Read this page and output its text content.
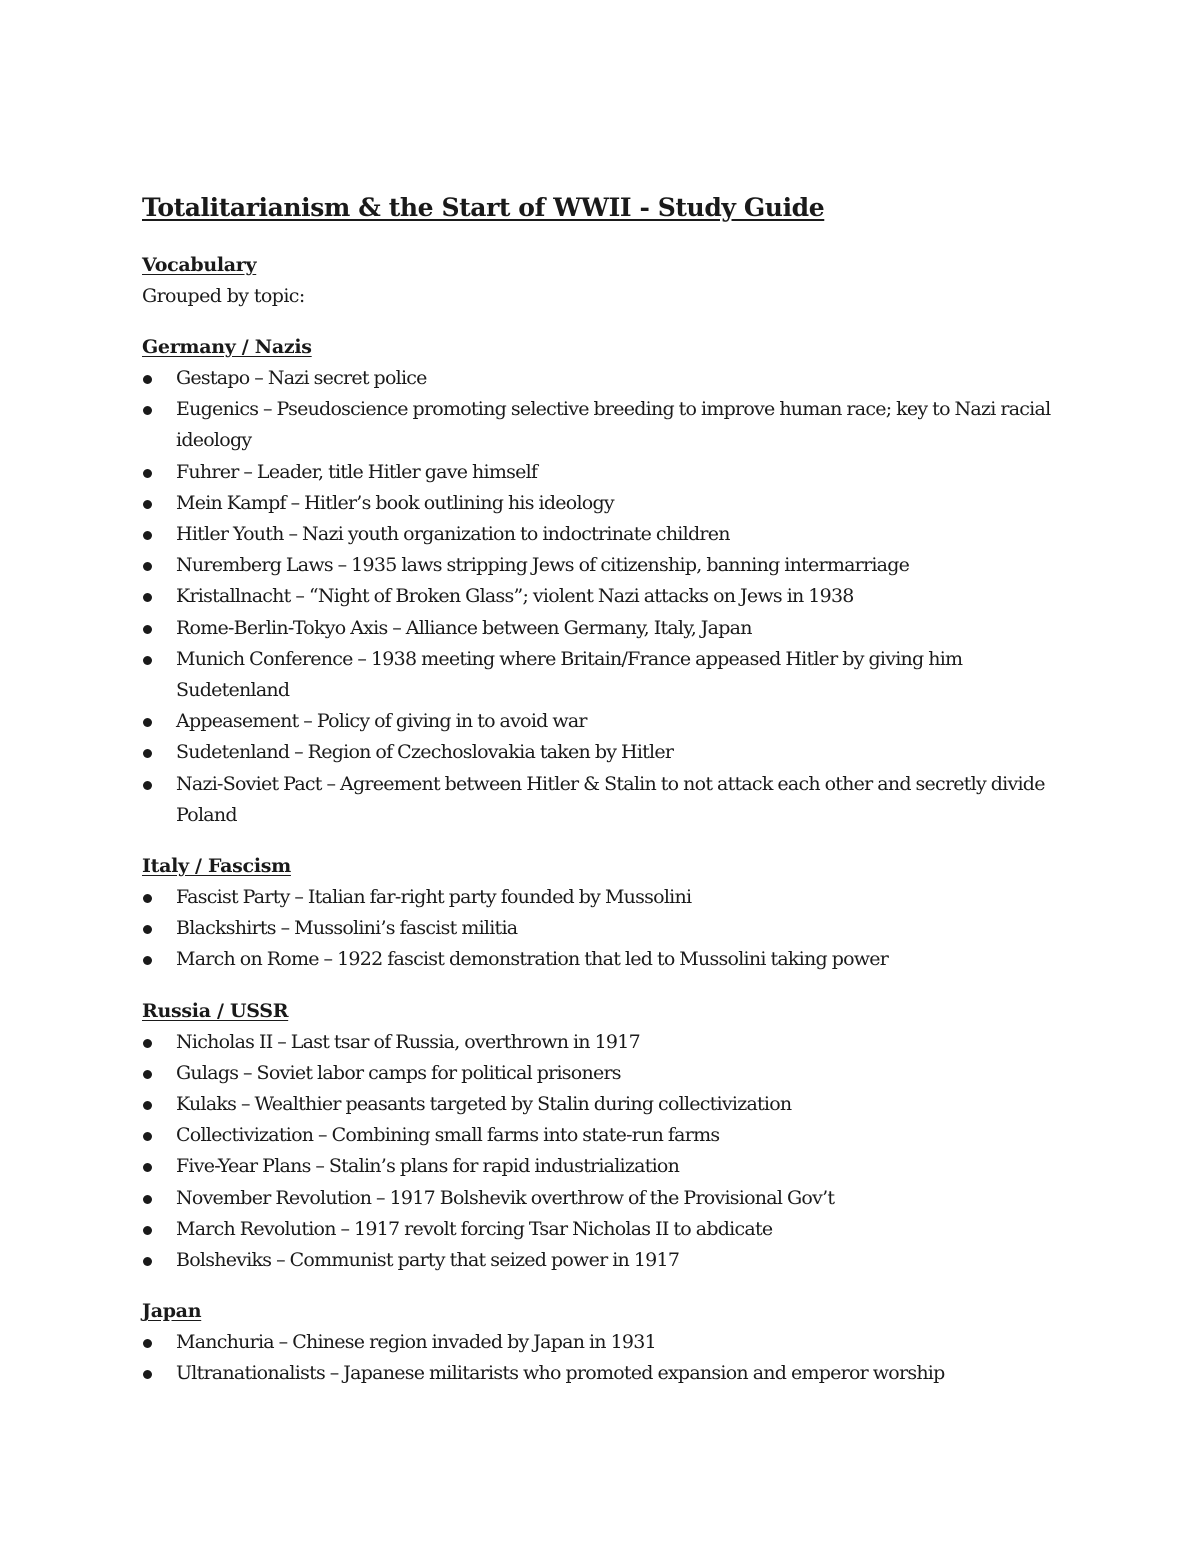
Totalitarianism & the Start of WWII - Study Guide
Vocabulary
Grouped by topic:
Germany / Nazis
Gestapo – Nazi secret police
Eugenics – Pseudoscience promoting selective breeding to improve human race; key to Nazi racial ideology
Fuhrer – Leader, title Hitler gave himself
Mein Kampf – Hitler’s book outlining his ideology
Hitler Youth – Nazi youth organization to indoctrinate children
Nuremberg Laws – 1935 laws stripping Jews of citizenship, banning intermarriage
Kristallnacht – “Night of Broken Glass”; violent Nazi attacks on Jews in 1938
Rome-Berlin-Tokyo Axis – Alliance between Germany, Italy, Japan
Munich Conference – 1938 meeting where Britain/France appeased Hitler by giving him Sudetenland
Appeasement – Policy of giving in to avoid war
Sudetenland – Region of Czechoslovakia taken by Hitler
Nazi-Soviet Pact – Agreement between Hitler & Stalin to not attack each other and secretly divide Poland
Italy / Fascism
Fascist Party – Italian far-right party founded by Mussolini
Blackshirts – Mussolini’s fascist militia
March on Rome – 1922 fascist demonstration that led to Mussolini taking power
Russia / USSR
Nicholas II – Last tsar of Russia, overthrown in 1917
Gulags – Soviet labor camps for political prisoners
Kulaks – Wealthier peasants targeted by Stalin during collectivization
Collectivization – Combining small farms into state-run farms
Five-Year Plans – Stalin’s plans for rapid industrialization
November Revolution – 1917 Bolshevik overthrow of the Provisional Gov’t
March Revolution – 1917 revolt forcing Tsar Nicholas II to abdicate
Bolsheviks – Communist party that seized power in 1917
Japan
Manchuria – Chinese region invaded by Japan in 1931
Ultranationalists – Japanese militarists who promoted expansion and emperor worship
